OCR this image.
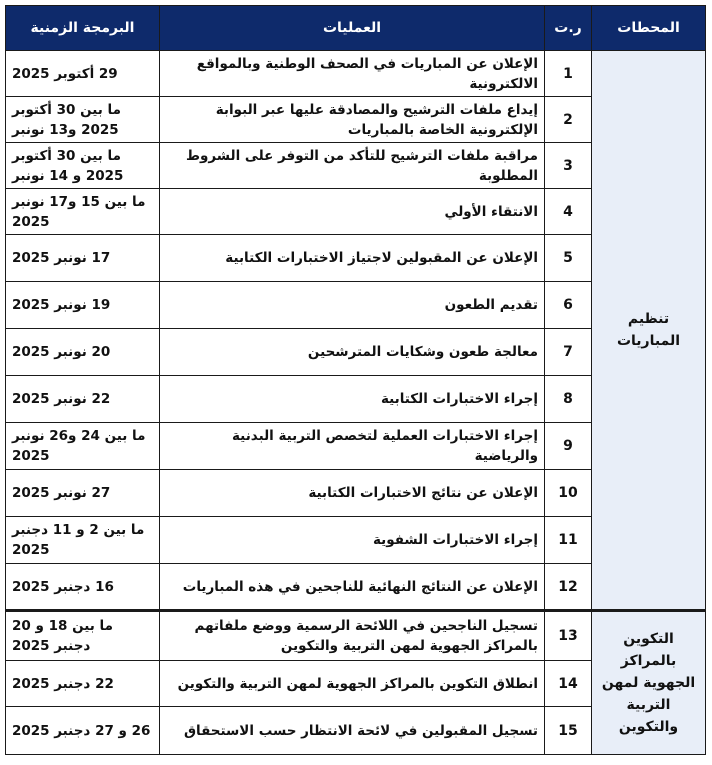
المحطات	ر.ت	العمليات	البرمجة الزمنية
تنظيم المباريات	1	الإعلان عن المباريات في الصحف الوطنية وبالمواقع الالكترونية	29 أكتوبر 2025
	2	إيداع ملفات الترشيح والمصادقة عليها عبر البوابة الإلكترونية الخاصة بالمباريات	ما بين 30 أكتوبر 2025 و13 نونبر
	3	مراقبة ملفات الترشيح للتأكد من التوفر على الشروط المطلوبة	ما بين 30 أكتوبر 2025 و 14 نونبر
	4	الانتقاء الأولي	ما بين 15 و17 نونبر 2025
	5	الإعلان عن المقبولين لاجتياز الاختبارات الكتابية	17 نونبر 2025
	6	تقديم الطعون	19 نونبر 2025
	7	معالجة طعون وشكايات المترشحين	20 نونبر 2025
	8	إجراء الاختبارات الكتابية	22 نونبر 2025
	9	إجراء الاختبارات العملية لتخصص التربية البدنية والرياضية	ما بين 24 و26 نونبر 2025
	10	الإعلان عن نتائج الاختبارات الكتابية	27 نونبر 2025
	11	إجراء الاختبارات الشفوية	ما بين 2 و 11 دجنبر 2025
	12	الإعلان عن النتائج النهائية للناجحين في هذه المباريات	16 دجنبر 2025
التكوين بالمراكز الجهوية لمهن التربية والتكوين	13	تسجيل الناجحين في اللائحة الرسمية ووضع ملفاتهم بالمراكز الجهوية لمهن التربية والتكوين	ما بين 18 و 20 دجنبر 2025
	14	انطلاق التكوين بالمراكز الجهوية لمهن التربية والتكوين	22 دجنبر 2025
	15	تسجيل المقبولين في لائحة الانتظار حسب الاستحقاق	26 و 27 دجنبر 2025
